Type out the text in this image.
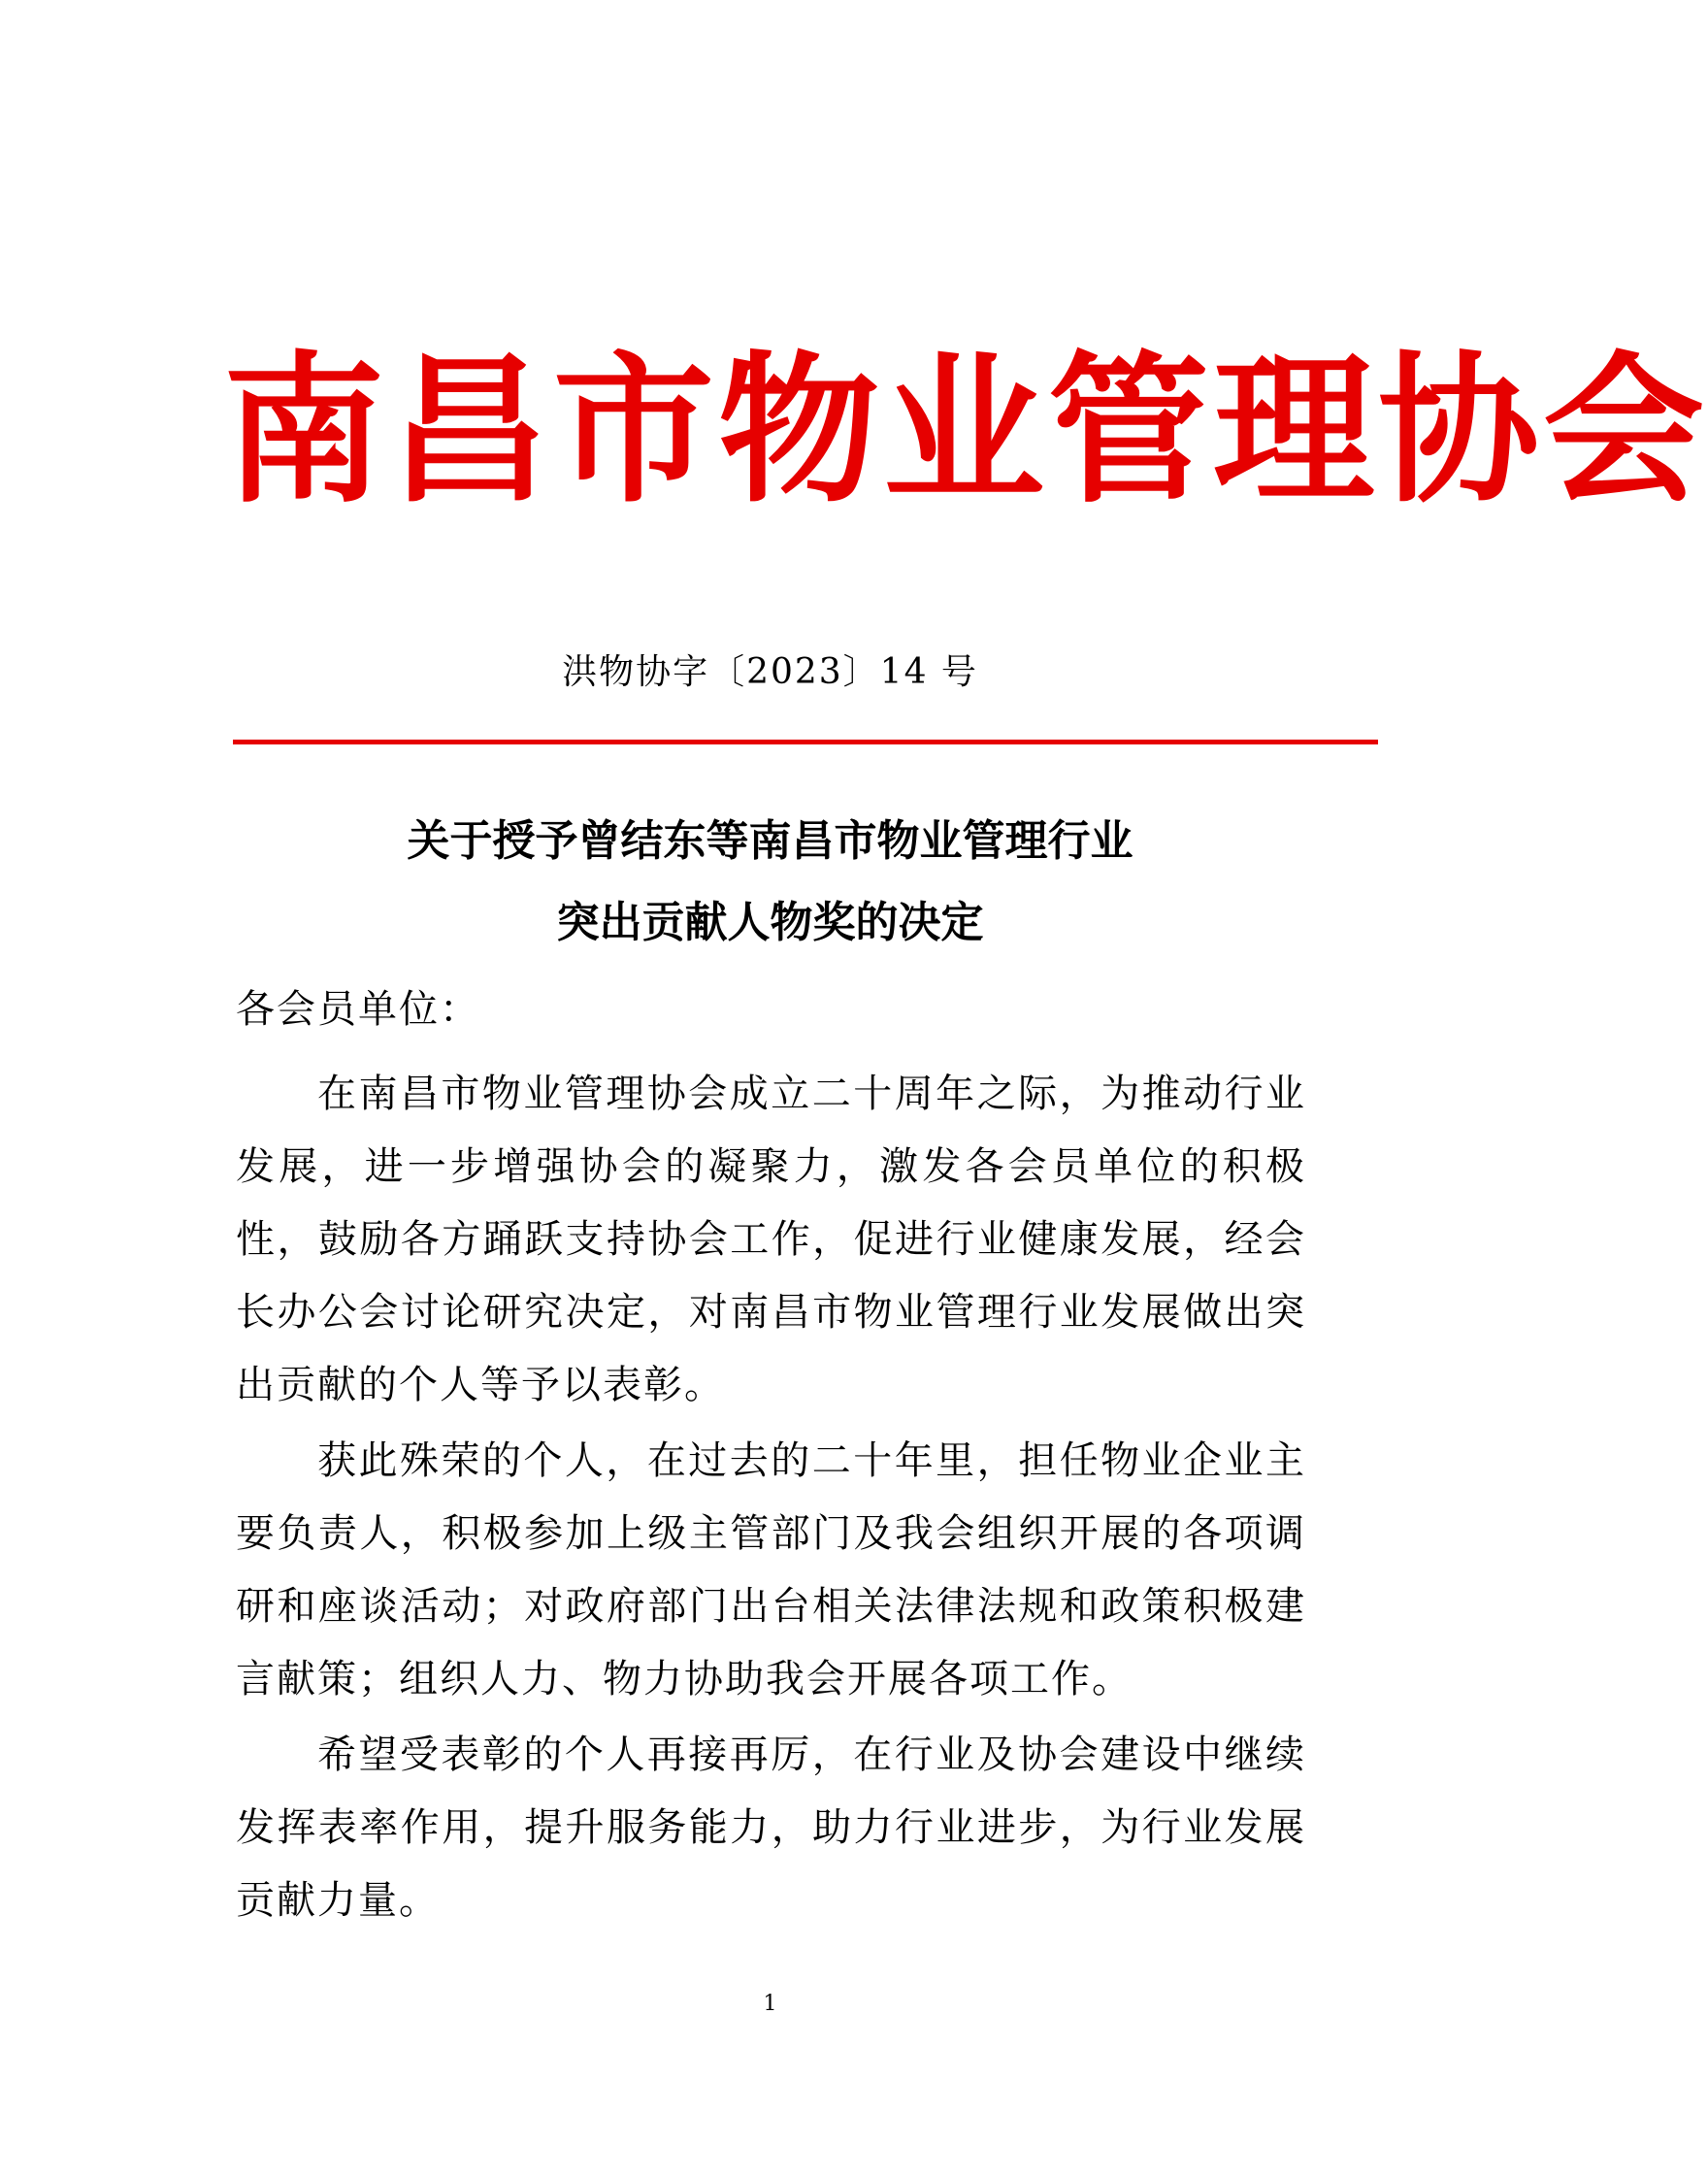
南昌市物业管理协会
洪物协字〔2023〕14 号
关于授予曾结东等南昌市物业管理行业
突出贡献人物奖的决定
各会员单位：

在南昌市物业管理协会成立二十周年之际，为推动行业发展，进一步增强协会的凝聚力，激发各会员单位的积极性，鼓励各方踊跃支持协会工作，促进行业健康发展，经会长办公会讨论研究决定，对南昌市物业管理行业发展做出突出贡献的个人等予以表彰。

获此殊荣的个人，在过去的二十年里，担任物业企业主要负责人，积极参加上级主管部门及我会组织开展的各项调研和座谈活动；对政府部门出台相关法律法规和政策积极建言献策；组织人力、物力协助我会开展各项工作。

希望受表彰的个人再接再厉，在行业及协会建设中继续发挥表率作用，提升服务能力，助力行业进步，为行业发展贡献力量。

1
